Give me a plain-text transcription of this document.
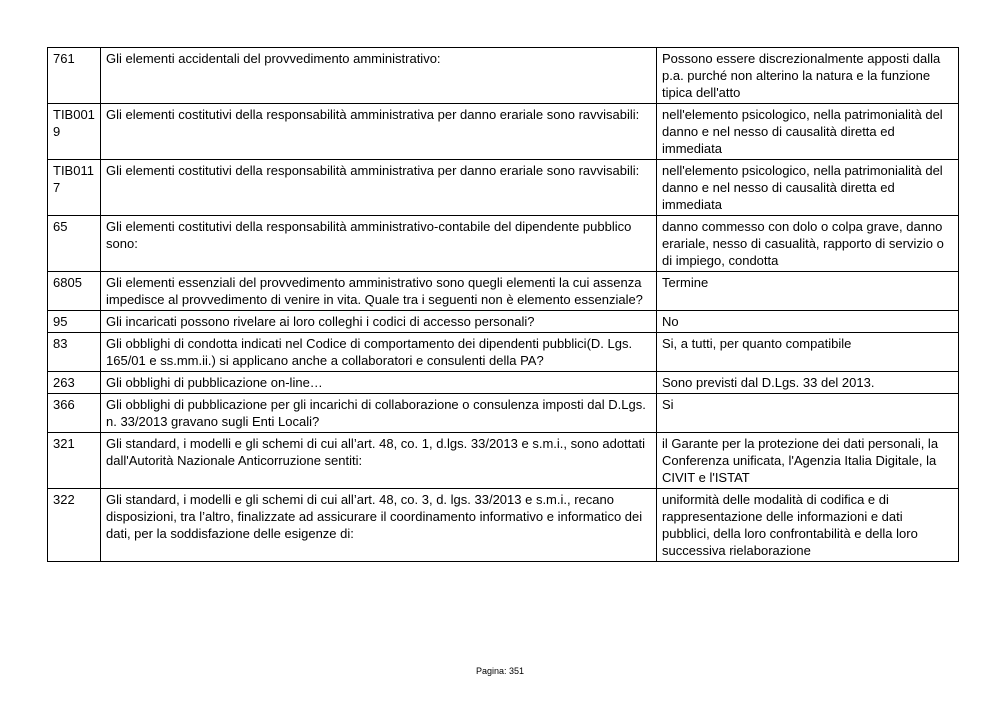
761	Gli elementi accidentali del provvedimento amministrativo:	Possono essere discrezionalmente apposti dalla p.a. purché non alterino la natura e la funzione tipica dell'atto
TIB0019	Gli elementi costitutivi della responsabilità amministrativa per danno erariale sono ravvisabili:	nell'elemento psicologico, nella patrimonialità del danno e nel nesso di causalità diretta ed immediata
TIB0117	Gli elementi costitutivi della responsabilità amministrativa per danno erariale sono ravvisabili:	nell'elemento psicologico, nella patrimonialità del danno e nel nesso di causalità diretta ed immediata
65	Gli elementi costitutivi della responsabilità amministrativo-contabile del dipendente pubblico sono:	danno commesso con dolo o colpa grave, danno erariale, nesso di casualità, rapporto di servizio o di impiego, condotta
6805	Gli elementi essenziali del provvedimento amministrativo sono quegli elementi la cui assenza impedisce al provvedimento di venire in vita. Quale tra i seguenti non è elemento essenziale?	Termine
95	Gli incaricati possono rivelare ai loro colleghi i codici di accesso personali?	No
83	Gli obblighi di condotta indicati nel Codice di comportamento dei dipendenti pubblici(D. Lgs. 165/01 e ss.mm.ii.) si applicano anche a collaboratori e consulenti della PA?	Si, a tutti, per quanto compatibile
263	Gli obblighi di pubblicazione on-line…	Sono previsti dal D.Lgs. 33 del 2013.
366	Gli obblighi di pubblicazione per gli incarichi di collaborazione o consulenza imposti dal D.Lgs. n. 33/2013 gravano sugli Enti Locali?	Si
321	Gli standard, i modelli e gli schemi di cui all’art. 48, co. 1, d.lgs. 33/2013 e s.m.i., sono adottati dall'Autorità Nazionale Anticorruzione sentiti:	il Garante per la protezione dei dati personali, la Conferenza unificata, l'Agenzia Italia Digitale, la CIVIT e l'ISTAT
322	Gli standard, i modelli e gli schemi di cui all’art. 48, co. 3, d. lgs. 33/2013 e s.m.i., recano disposizioni, tra l’altro, finalizzate ad assicurare il coordinamento informativo e informatico dei dati, per la soddisfazione delle esigenze di:	uniformità delle modalità di codifica e di rappresentazione delle informazioni e dati pubblici, della loro confrontabilità e della loro successiva rielaborazione
Pagina: 351
